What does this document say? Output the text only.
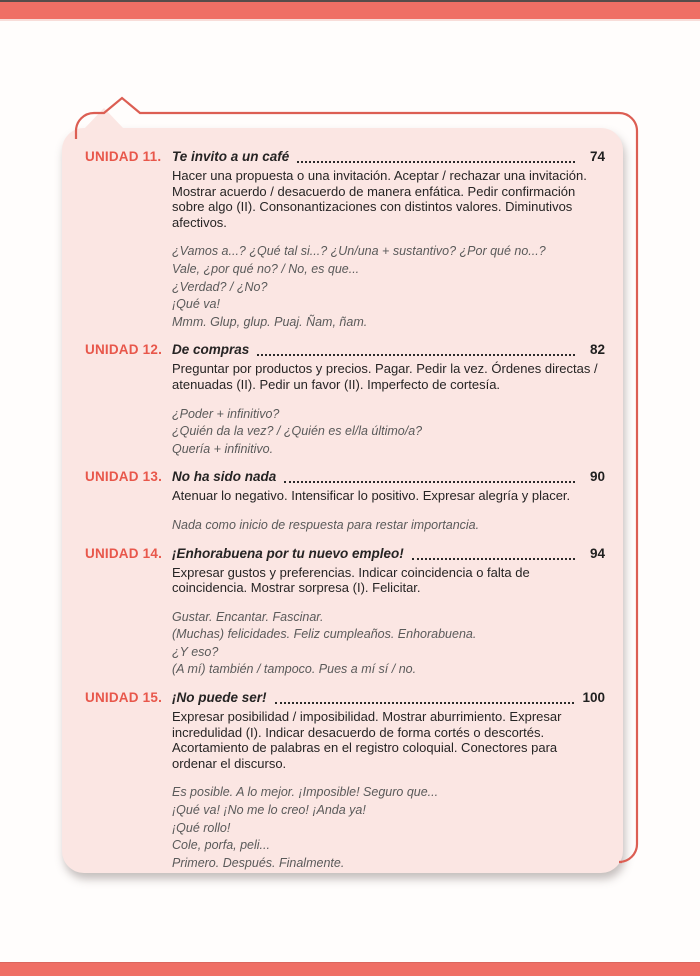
UNIDAD 11. Te invito a un café	74

Hacer una propuesta o una invitación. Aceptar / rechazar una invitación. Mostrar acuerdo / desacuerdo de manera enfática. Pedir confirmación sobre algo (II). Consonantizaciones con distintos valores. Diminutivos afectivos.

¿Vamos a...? ¿Qué tal si...? ¿Un/una + sustantivo? ¿Por qué no...?
Vale, ¿por qué no? / No, es que...
¿Verdad? / ¿No?
¡Qué va!
Mmm. Glup, glup. Puaj. Ñam, ñam.
UNIDAD 12. De compras	82

Preguntar por productos y precios. Pagar. Pedir la vez. Órdenes directas / atenuadas (II). Pedir un favor (II). Imperfecto de cortesía.

¿Poder + infinitivo?
¿Quién da la vez? / ¿Quién es el/la último/a?
Quería + infinitivo.
UNIDAD 13. No ha sido nada	90

Atenuar lo negativo. Intensificar lo positivo. Expresar alegría y placer.

Nada como inicio de respuesta para restar importancia.
UNIDAD 14. ¡Enhorabuena por tu nuevo empleo!	94

Expresar gustos y preferencias. Indicar coincidencia o falta de coincidencia. Mostrar sorpresa (I). Felicitar.

Gustar. Encantar. Fascinar.
(Muchas) felicidades. Feliz cumpleaños. Enhorabuena.
¿Y eso?
(A mí) también / tampoco. Pues a mí sí / no.
UNIDAD 15. ¡No puede ser!	100

Expresar posibilidad / imposibilidad. Mostrar aburrimiento. Expresar incredulidad (I). Indicar desacuerdo de forma cortés o descortés. Acortamiento de palabras en el registro coloquial. Conectores para ordenar el discurso.

Es posible. A lo mejor. ¡Imposible! Seguro que...
¡Qué va! ¡No me lo creo! ¡Anda ya!
¡Qué rollo!
Cole, porfa, peli...
Primero. Después. Finalmente.
